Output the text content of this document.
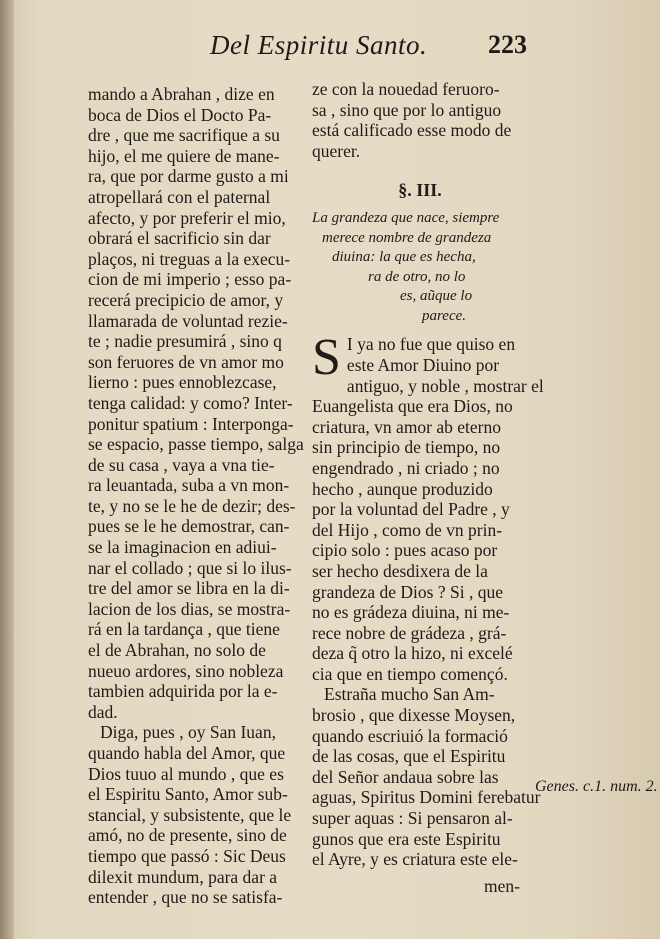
Del Espiritu Santo. 223
mando a Abrahan , dize en
boca de Dios el Docto Pa-
dre , que me sacrifique a su
hijo, el me quiere de mane-
ra, que por darme gusto a mi
atropellará con el paternal
afecto, y por preferir el mio,
obrará el sacrificio sin dar
plaços, ni treguas a la execu-
cion de mi imperio ; esso pa-
recerá precipicio de amor, y
llamarada de voluntad rezie-
te ; nadie presumirá , sino q
son feruores de vn amor mo
lierno : pues ennoblezcase,
tenga calidad: y como? Inter-
ponitur spatium : Interponga-
se espacio, passe tiempo, salga
de su casa , vaya a vna tie-
ra leuantada, suba a vn mon-
te, y no se le he de dezir; des-
pues se le he demostrar, can-
se la imaginacion en adiui-
nar el collado ; que si lo ilus-
tre del amor se libra en la di-
lacion de los dias, se mostra-
rá en la tardança , que tiene
el de Abrahan, no solo de
nueuo ardores, sino nobleza
tambien adquirida por la e-
dad.
Diga, pues , oy San Iuan,
quando habla del Amor, que
Dios tuuo al mundo , que es
el Espiritu Santo, Amor sub-
stancial, y subsistente, que le
amó, no de presente, sino de
tiempo que passó : Sic Deus
dilexit mundum, para dar a
entender , que no se satisfa-
ze con la nouedad feruoro-
sa , sino que por lo antiguo
está calificado esse modo de
querer.
§. III.
La grandeza que nace, siempre
merece nombre de grandeza
diuina: la que es hecha,
ra de otro, no lo
es, aũque lo
parece.
S I ya no fue que quiso en
este Amor Diuino por
antiguo, y noble , mostrar el
Euangelista que era Dios, no
criatura, vn amor ab eterno
sin principio de tiempo, no
engendrado , ni criado ; no
hecho , aunque produzido
por la voluntad del Padre , y
del Hijo , como de vn prin-
cipio solo : pues acaso por
ser hecho desdixera de la
grandeza de Dios ? Si , que
no es grádeza diuina, ni me-
rece nobre de grádeza , grá-
deza q̃ otro la hizo, ni excelé
cia que en tiempo començó.
Estraña mucho San Am-
brosio , que dixesse Moysen,
quando escriuió la formació
de las cosas, que el Espiritu
del Señor andaua sobre las
aguas, Spiritus Domini ferebatur
super aquas : Si pensaron al-
gunos que era este Espiritu
el Ayre, y es criatura este ele-
Genes. c.1. num. 2.
men-
